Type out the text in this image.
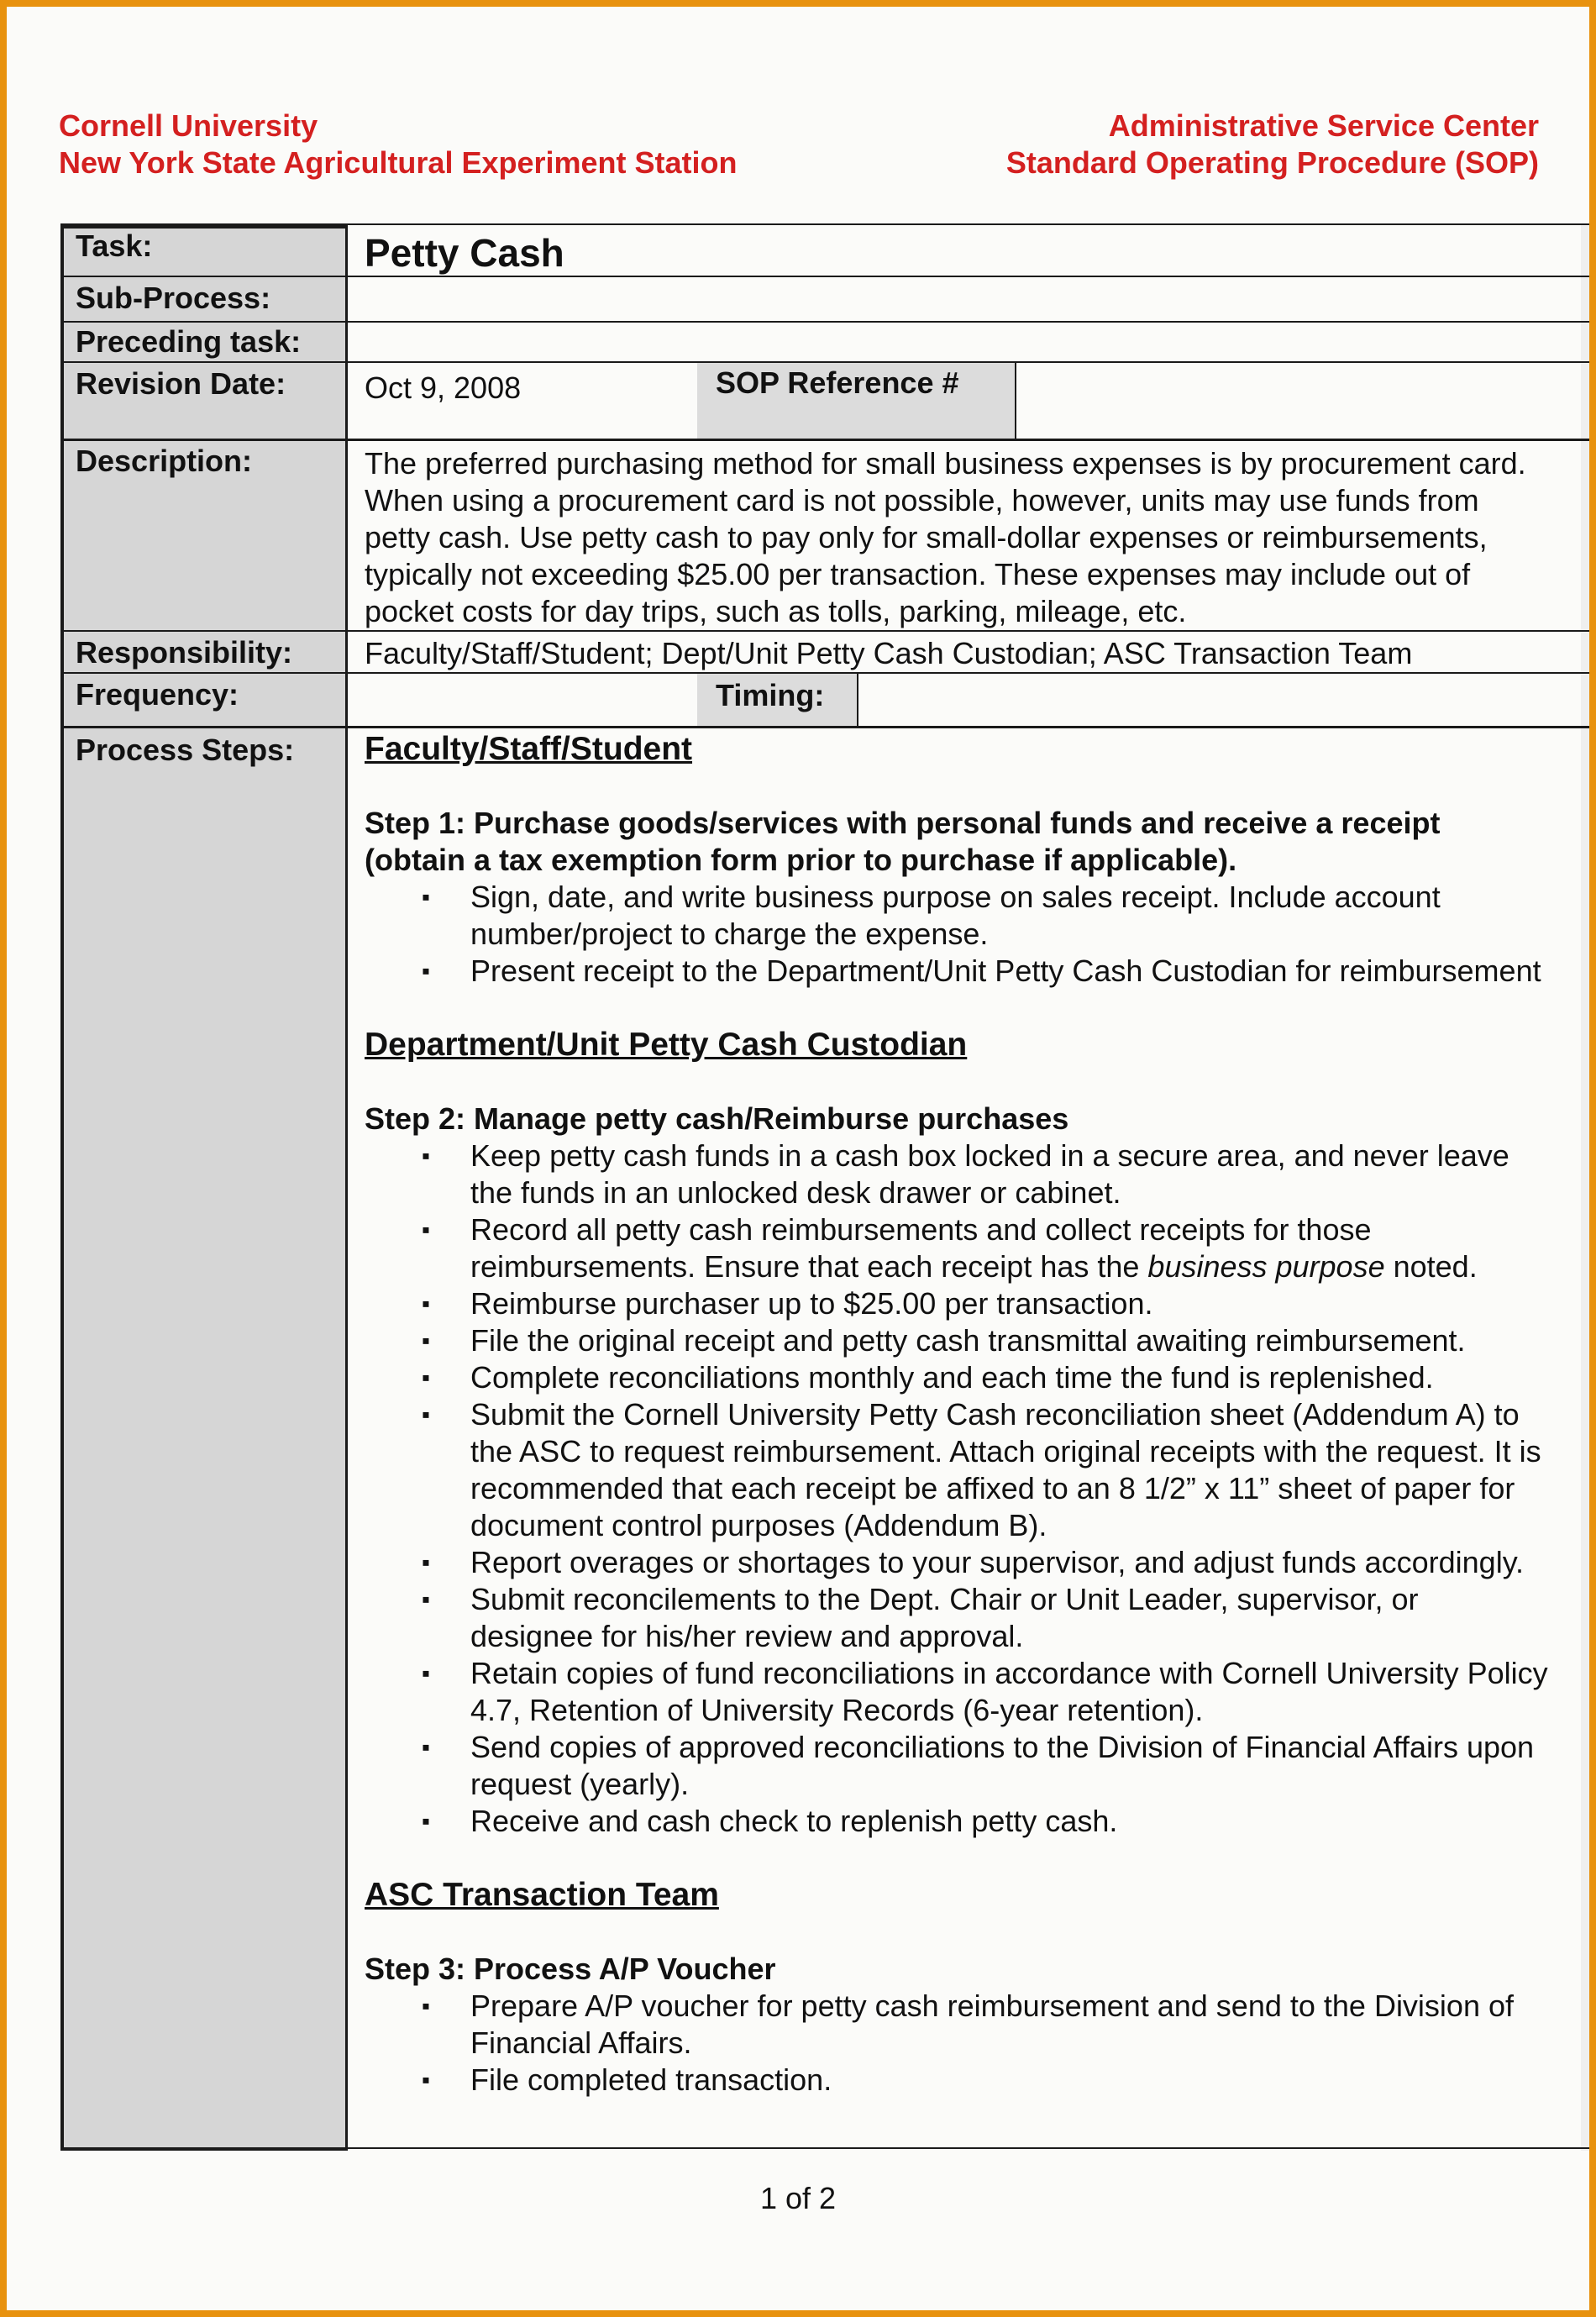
Cornell University
New York State Agricultural Experiment Station
Administrative Service Center
Standard Operating Procedure (SOP)
Task:
Sub-Process:
Preceding task:
Revision Date:
Description:
Responsibility:
Frequency:
Process Steps:
Petty Cash
Oct 9, 2008	SOP Reference #
Timing:
The preferred purchasing method for small business expenses is by procurement card.
When using a procurement card is not possible, however, units may use funds from
petty cash. Use petty cash to pay only for small-dollar expenses or reimbursements,
typically not exceeding $25.00 per transaction. These expenses may include out of
pocket costs for day trips, such as tolls, parking, mileage, etc.
Faculty/Staff/Student; Dept/Unit Petty Cash Custodian; ASC Transaction Team
Faculty/Staff/Student
Step 1: Purchase goods/services with personal funds and receive a receipt
(obtain a tax exemption form prior to purchase if applicable).
▪ Sign, date, and write business purpose on sales receipt. Include account
number/project to charge the expense.
▪ Present receipt to the Department/Unit Petty Cash Custodian for reimbursement
Department/Unit Petty Cash Custodian
Step 2: Manage petty cash/Reimburse purchases
▪ Keep petty cash funds in a cash box locked in a secure area, and never leave
the funds in an unlocked desk drawer or cabinet.
▪ Record all petty cash reimbursements and collect receipts for those
reimbursements. Ensure that each receipt has the business purpose noted.
▪ Reimburse purchaser up to $25.00 per transaction.
▪ File the original receipt and petty cash transmittal awaiting reimbursement.
▪ Complete reconciliations monthly and each time the fund is replenished.
▪ Submit the Cornell University Petty Cash reconciliation sheet (Addendum A) to
the ASC to request reimbursement. Attach original receipts with the request. It is
recommended that each receipt be affixed to an 8 1/2” x 11” sheet of paper for
document control purposes (Addendum B).
▪ Report overages or shortages to your supervisor, and adjust funds accordingly.
▪ Submit reconcilements to the Dept. Chair or Unit Leader, supervisor, or
designee for his/her review and approval.
▪ Retain copies of fund reconciliations in accordance with Cornell University Policy
4.7, Retention of University Records (6-year retention).
▪ Send copies of approved reconciliations to the Division of Financial Affairs upon
request (yearly).
▪ Receive and cash check to replenish petty cash.
ASC Transaction Team
Step 3: Process A/P Voucher
▪ Prepare A/P voucher for petty cash reimbursement and send to the Division of
Financial Affairs.
▪ File completed transaction.
1 of 2
